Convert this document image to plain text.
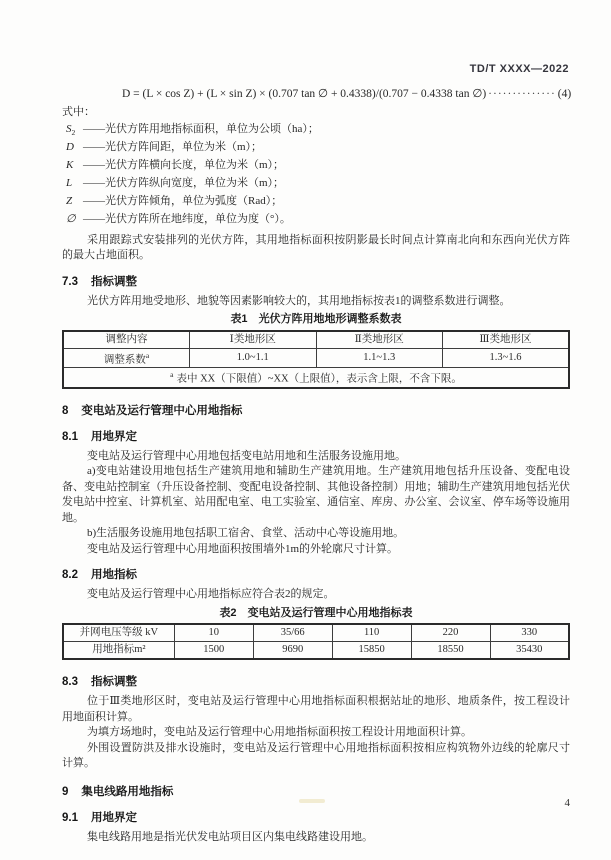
TD/T XXXX—2022
D = (L × cos Z) + (L × sin Z) × (0.707 tan ∅ + 0.4338)/(0.707 − 0.4338 tan ∅) ·············· (4)
式中：
$S_2$ ——光伏方阵用地指标面积，单位为公顷（ha）；
D ——光伏方阵间距，单位为米（m）；
K ——光伏方阵横向长度，单位为米（m）；
L ——光伏方阵纵向宽度，单位为米（m）；
Z ——光伏方阵倾角，单位为弧度（Rad）；
∅ ——光伏方阵所在地纬度，单位为度（°）。

采用跟踪式安装排列的光伏方阵，其用地指标面积按阴影最长时间点计算南北向和东西向光伏方阵的最大占地面积。

7.3 指标调整

光伏方阵用地受地形、地貌等因素影响较大的，其用地指标按表1的调整系数进行调整。

表1 光伏方阵用地地形调整系数表
调整内容	Ⅰ类地形区	Ⅱ类地形区	Ⅲ类地形区
调整系数$^a$	1.0~1.1	1.1~1.3	1.3~1.6
$^a$ 表中 XX（下限值）~XX（上限值），表示含上限，不含下限。			
8 变电站及运行管理中心用地指标
8.1 用地界定

变电站及运行管理中心用地包括变电站用地和生活服务设施用地。

a)变电站建设用地包括生产建筑用地和辅助生产建筑用地。生产建筑用地包括升压设备、变配电设备、变电站控制室（升压设备控制、变配电设备控制、其他设备控制）用地；辅助生产建筑用地包括光伏发电站中控室、计算机室、站用配电室、电工实验室、通信室、库房、办公室、会议室、停车场等设施用地。

b)生活服务设施用地包括职工宿舍、食堂、活动中心等设施用地。

变电站及运行管理中心用地面积按围墙外1m的外轮廓尺寸计算。

8.2 用地指标

变电站及运行管理中心用地指标应符合表2的规定。

表2 变电站及运行管理中心用地指标表
并网电压等级 kV	10	35/66	110	220	330
用地指标m²	1500	9690	15850	18550	35430
8.3 指标调整

位于Ⅲ类地形区时，变电站及运行管理中心用地指标面积根据站址的地形、地质条件，按工程设计用地面积计算。

为填方场地时，变电站及运行管理中心用地指标面积按工程设计用地面积计算。

外围设置防洪及排水设施时，变电站及运行管理中心用地指标面积按相应构筑物外边线的轮廓尺寸计算。

9 集电线路用地指标
9.1 用地界定

集电线路用地是指光伏发电站项目区内集电线路建设用地。

4
